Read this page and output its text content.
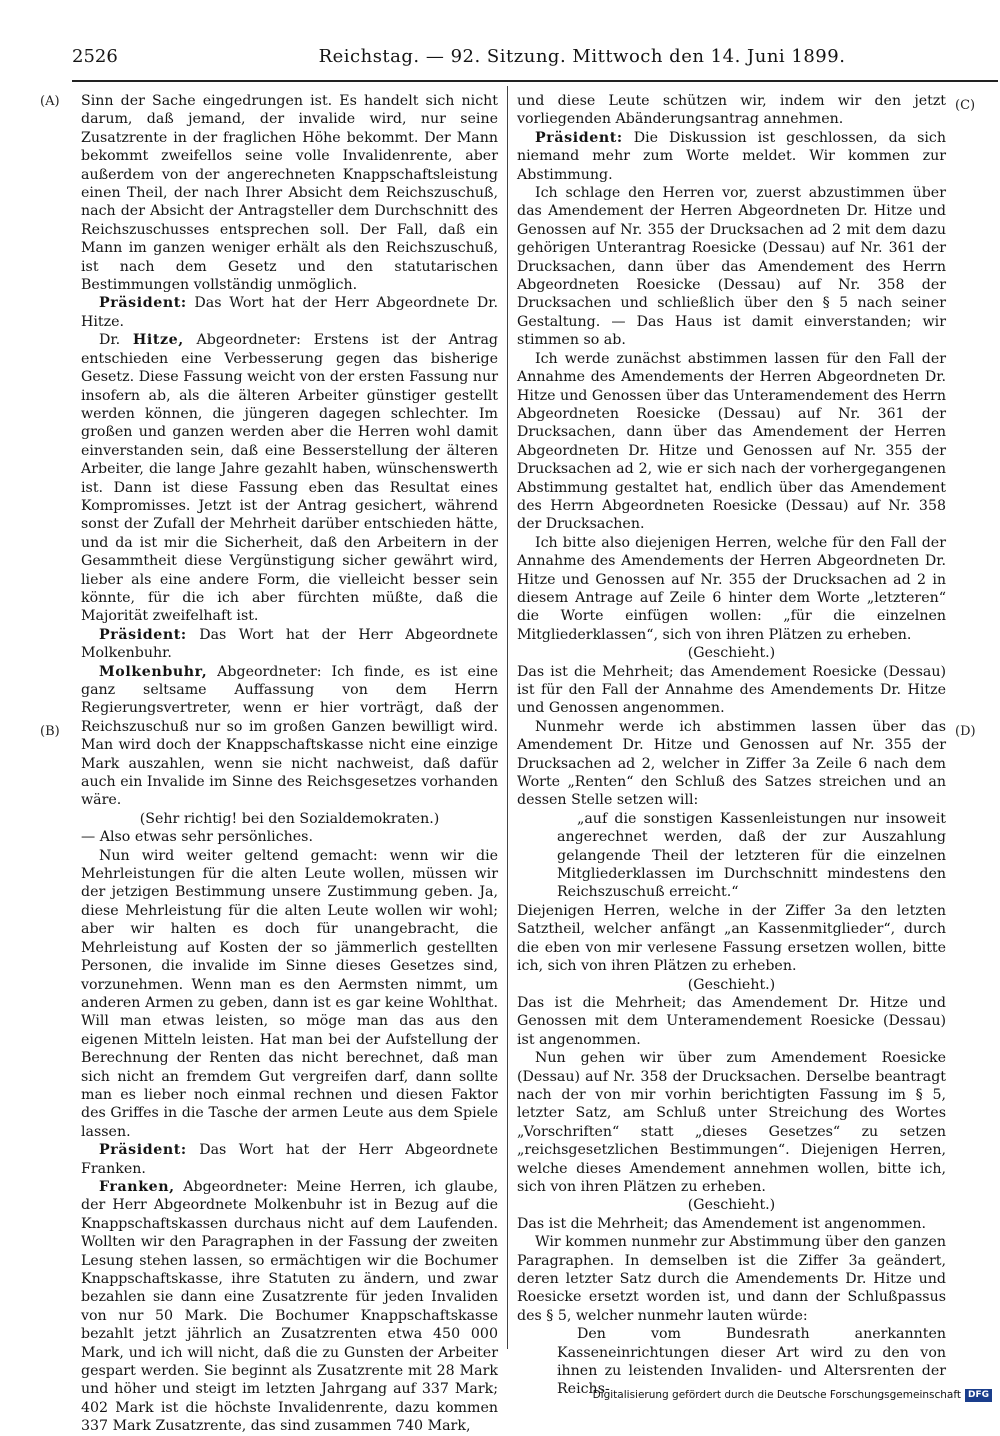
2526	Reichstag. — 92. Sitzung. Mittwoch den 14. Juni 1899.
(A)
(B)
(C)
(D)

Sinn der Sache eingedrungen ist. Es handelt sich nicht darum, daß jemand, der invalide wird, nur seine Zusatzrente in der fraglichen Höhe bekommt. Der Mann bekommt zweifellos seine volle Invalidenrente, aber außerdem von der angerechneten Knappschaftsleistung einen Theil, der nach Ihrer Absicht dem Reichszuschuß, nach der Absicht der Antragsteller dem Durchschnitt des Reichszuschusses entsprechen soll. Der Fall, daß ein Mann im ganzen weniger erhält als den Reichszuschuß, ist nach dem Gesetz und den statutarischen Bestimmungen vollständig unmöglich.

Präsident: Das Wort hat der Herr Abgeordnete Dr. Hitze.

Dr. Hitze, Abgeordneter: Erstens ist der Antrag entschieden eine Verbesserung gegen das bisherige Gesetz. Diese Fassung weicht von der ersten Fassung nur insofern ab, als die älteren Arbeiter günstiger gestellt werden können, die jüngeren dagegen schlechter. Im großen und ganzen werden aber die Herren wohl damit einverstanden sein, daß eine Besserstellung der älteren Arbeiter, die lange Jahre gezahlt haben, wünschenswerth ist. Dann ist diese Fassung eben das Resultat eines Kompromisses. Jetzt ist der Antrag gesichert, während sonst der Zufall der Mehrheit darüber entschieden hätte, und da ist mir die Sicherheit, daß den Arbeitern in der Gesammtheit diese Vergünstigung sicher gewährt wird, lieber als eine andere Form, die vielleicht besser sein könnte, für die ich aber fürchten müßte, daß die Majorität zweifelhaft ist.

Präsident: Das Wort hat der Herr Abgeordnete Molkenbuhr.

Molkenbuhr, Abgeordneter: Ich finde, es ist eine ganz seltsame Auffassung von dem Herrn Regierungsvertreter, wenn er hier vorträgt, daß der Reichszuschuß nur so im großen Ganzen bewilligt wird. Man wird doch der Knappschaftskasse nicht eine einzige Mark auszahlen, wenn sie nicht nachweist, daß dafür auch ein Invalide im Sinne des Reichsgesetzes vorhanden wäre.

(Sehr richtig! bei den Sozialdemokraten.)

— Also etwas sehr persönliches.

Nun wird weiter geltend gemacht: wenn wir die Mehrleistungen für die alten Leute wollen, müssen wir der jetzigen Bestimmung unsere Zustimmung geben. Ja, diese Mehrleistung für die alten Leute wollen wir wohl; aber wir halten es doch für unangebracht, die Mehrleistung auf Kosten der so jämmerlich gestellten Personen, die invalide im Sinne dieses Gesetzes sind, vorzunehmen. Wenn man es den Aermsten nimmt, um anderen Armen zu geben, dann ist es gar keine Wohlthat. Will man etwas leisten, so möge man das aus den eigenen Mitteln leisten. Hat man bei der Aufstellung der Berechnung der Renten das nicht berechnet, daß man sich nicht an fremdem Gut vergreifen darf, dann sollte man es lieber noch einmal rechnen und diesen Faktor des Griffes in die Tasche der armen Leute aus dem Spiele lassen.

Präsident: Das Wort hat der Herr Abgeordnete Franken.

Franken, Abgeordneter: Meine Herren, ich glaube, der Herr Abgeordnete Molkenbuhr ist in Bezug auf die Knappschaftskassen durchaus nicht auf dem Laufenden. Wollten wir den Paragraphen in der Fassung der zweiten Lesung stehen lassen, so ermächtigen wir die Bochumer Knappschaftskasse, ihre Statuten zu ändern, und zwar bezahlen sie dann eine Zusatzrente für jeden Invaliden von nur 50 Mark. Die Bochumer Knappschaftskasse bezahlt jetzt jährlich an Zusatzrenten etwa 450 000 Mark, und ich will nicht, daß die zu Gunsten der Arbeiter gespart werden. Sie beginnt als Zusatzrente mit 28 Mark und höher und steigt im letzten Jahrgang auf 337 Mark; 402 Mark ist die höchste Invalidenrente, dazu kommen 337 Mark Zusatzrente, das sind zusammen 740 Mark,

und diese Leute schützen wir, indem wir den jetzt vorliegenden Abänderungsantrag annehmen.

Präsident: Die Diskussion ist geschlossen, da sich niemand mehr zum Worte meldet. Wir kommen zur Abstimmung.

Ich schlage den Herren vor, zuerst abzustimmen über das Amendement der Herren Abgeordneten Dr. Hitze und Genossen auf Nr. 355 der Drucksachen ad 2 mit dem dazu gehörigen Unterantrag Roesicke (Dessau) auf Nr. 361 der Drucksachen, dann über das Amendement des Herrn Abgeordneten Roesicke (Dessau) auf Nr. 358 der Drucksachen und schließlich über den § 5 nach seiner Gestaltung. — Das Haus ist damit einverstanden; wir stimmen so ab.

Ich werde zunächst abstimmen lassen für den Fall der Annahme des Amendements der Herren Abgeordneten Dr. Hitze und Genossen über das Unteramendement des Herrn Abgeordneten Roesicke (Dessau) auf Nr. 361 der Drucksachen, dann über das Amendement der Herren Abgeordneten Dr. Hitze und Genossen auf Nr. 355 der Drucksachen ad 2, wie er sich nach der vorhergegangenen Abstimmung gestaltet hat, endlich über das Amendement des Herrn Abgeordneten Roesicke (Dessau) auf Nr. 358 der Drucksachen.

Ich bitte also diejenigen Herren, welche für den Fall der Annahme des Amendements der Herren Abgeordneten Dr. Hitze und Genossen auf Nr. 355 der Drucksachen ad 2 in diesem Antrage auf Zeile 6 hinter dem Worte „letzteren“ die Worte einfügen wollen: „für die einzelnen Mitgliederklassen“, sich von ihren Plätzen zu erheben.

(Geschieht.)

Das ist die Mehrheit; das Amendement Roesicke (Dessau) ist für den Fall der Annahme des Amendements Dr. Hitze und Genossen angenommen.

Nunmehr werde ich abstimmen lassen über das Amendement Dr. Hitze und Genossen auf Nr. 355 der Drucksachen ad 2, welcher in Ziffer 3a Zeile 6 nach dem Worte „Renten“ den Schluß des Satzes streichen und an dessen Stelle setzen will:

„auf die sonstigen Kassenleistungen nur insoweit angerechnet werden, daß der zur Auszahlung gelangende Theil der letzteren für die einzelnen Mitgliederklassen im Durchschnitt mindestens den Reichszuschuß erreicht.“

Diejenigen Herren, welche in der Ziffer 3a den letzten Satztheil, welcher anfängt „an Kassenmitglieder“, durch die eben von mir verlesene Fassung ersetzen wollen, bitte ich, sich von ihren Plätzen zu erheben.

(Geschieht.)

Das ist die Mehrheit; das Amendement Dr. Hitze und Genossen mit dem Unteramendement Roesicke (Dessau) ist angenommen.

Nun gehen wir über zum Amendement Roesicke (Dessau) auf Nr. 358 der Drucksachen. Derselbe beantragt nach der von mir vorhin berichtigten Fassung im § 5, letzter Satz, am Schluß unter Streichung des Wortes „Vorschriften“ statt „dieses Gesetzes“ zu setzen „reichsgesetzlichen Bestimmungen“. Diejenigen Herren, welche dieses Amendement annehmen wollen, bitte ich, sich von ihren Plätzen zu erheben.

(Geschieht.)

Das ist die Mehrheit; das Amendement ist angenommen.

Wir kommen nunmehr zur Abstimmung über den ganzen Paragraphen. In demselben ist die Ziffer 3a geändert, deren letzter Satz durch die Amendements Dr. Hitze und Roesicke ersetzt worden ist, und dann der Schlußpassus des § 5, welcher nunmehr lauten würde:

Den vom Bundesrath anerkannten Kasseneinrichtungen dieser Art wird zu den von ihnen zu leistenden Invaliden- und Altersrenten der Reichs-

Digitalisierung gefördert durch die Deutsche Forschungsgemeinschaft DFG
